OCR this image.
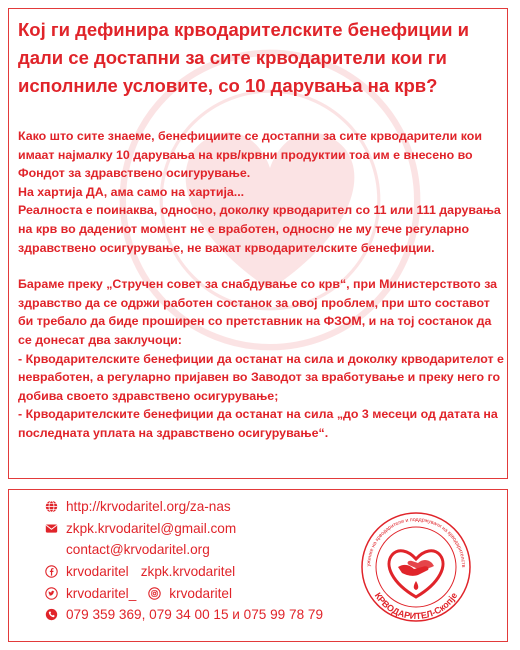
Кој ги дефинира крводарителските бенефиции и дали се достапни за сите крводарители кои ги исполниле условите, со 10 дарувања на крв?

Како што сите знаеме, бенефициите се достапни за сите крводарители кои имаат најмалку 10 дарувања на крв/крвни продуктии тоа им е внесено во Фондот за здравствено осигурување.

На хартија ДА, ама само на хартија...

Реалноста е поинаква, односно, доколку крводарител со 11 или 111 дарувања на крв во дадениот момент не е вработен, односно не му тече регуларно здравствено осигурување, не важат крводарителските бенефиции.

Бараме преку „Стручен совет за снабдување со крв“, при Министерството за здравство да се одржи работен состанок за овој проблем, при што составот би требало да биде проширен со претставник на ФЗОМ, и на тој состанок да се донесат два заклучоци:

- Крводарителските бенефиции да останат на сила и доколку крводарителот е невработен, а регуларно пријавен во Заводот за вработување и преку него го добива своето здравствено осигурување;

- Крводарителските бенефиции да останат на сила „до 3 месеци од датата на последната уплата на здравствено осигурување“.

http://krvodaritel.org/za-nas
zkpk.krvodaritel@gmail.com
contact@krvodaritel.org
krvodaritel zkpk.krvodaritel
krvodaritel_ krvodaritel
079 359 369, 079 34 00 15 и 075 99 78 79
ужение на крводарители и поддржувачи на крводарителств
КРВОДАРИТЕЛ-Скопје
